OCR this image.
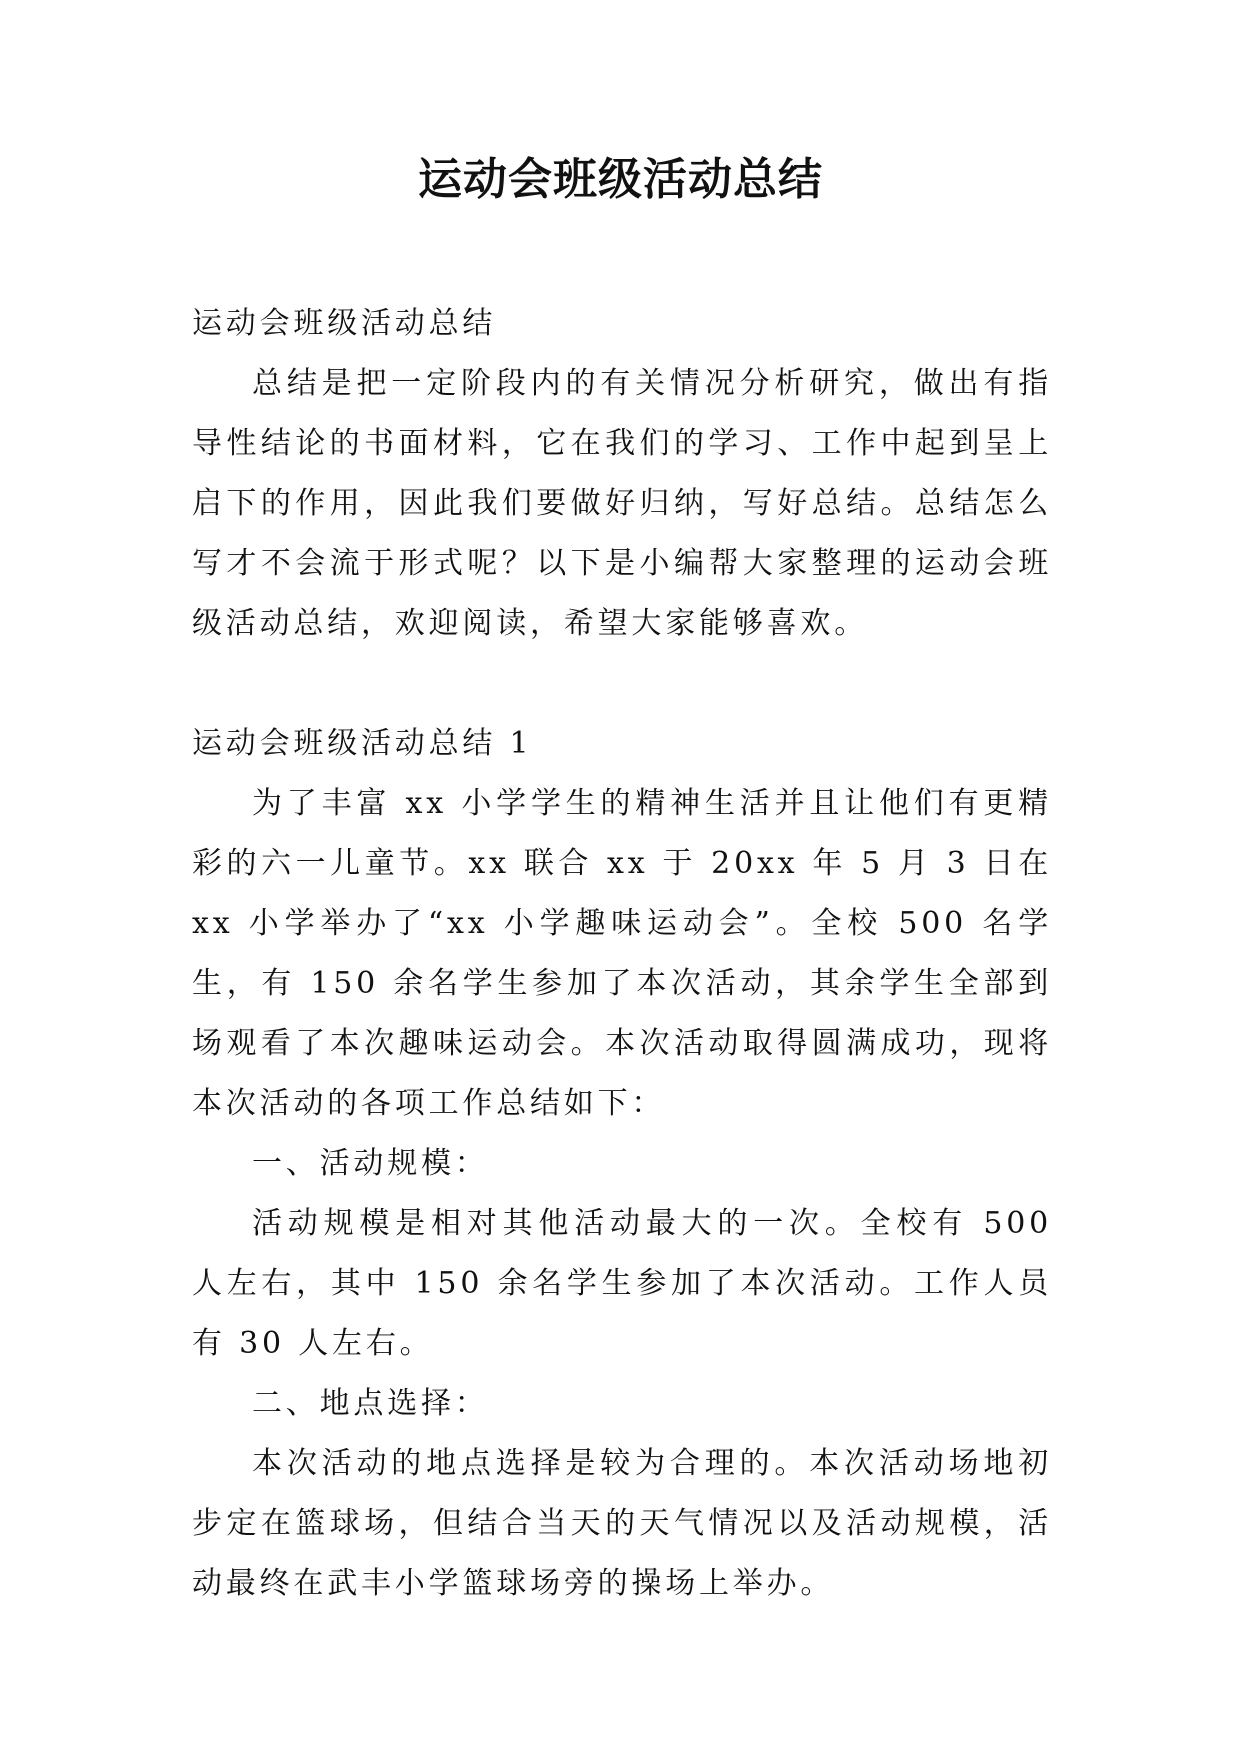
运动会班级活动总结

运动会班级活动总结

总结是把一定阶段内的有关情况分析研究，做出有指导性结论的书面材料，它在我们的学习、工作中起到呈上启下的作用，因此我们要做好归纳，写好总结。总结怎么写才不会流于形式呢？以下是小编帮大家整理的运动会班级活动总结，欢迎阅读，希望大家能够喜欢。

运动会班级活动总结 1

为了丰富 xx 小学学生的精神生活并且让他们有更精彩的六一儿童节。xx 联合 xx 于 20xx 年 5 月 3 日在 xx 小学举办了“xx 小学趣味运动会”。全校 500 名学生，有 150 余名学生参加了本次活动，其余学生全部到场观看了本次趣味运动会。本次活动取得圆满成功，现将本次活动的各项工作总结如下：

一、活动规模：

活动规模是相对其他活动最大的一次。全校有 500 人左右，其中 150 余名学生参加了本次活动。工作人员有 30 人左右。

二、地点选择：

本次活动的地点选择是较为合理的。本次活动场地初步定在篮球场，但结合当天的天气情况以及活动规模，活动最终在武丰小学篮球场旁的操场上举办。
